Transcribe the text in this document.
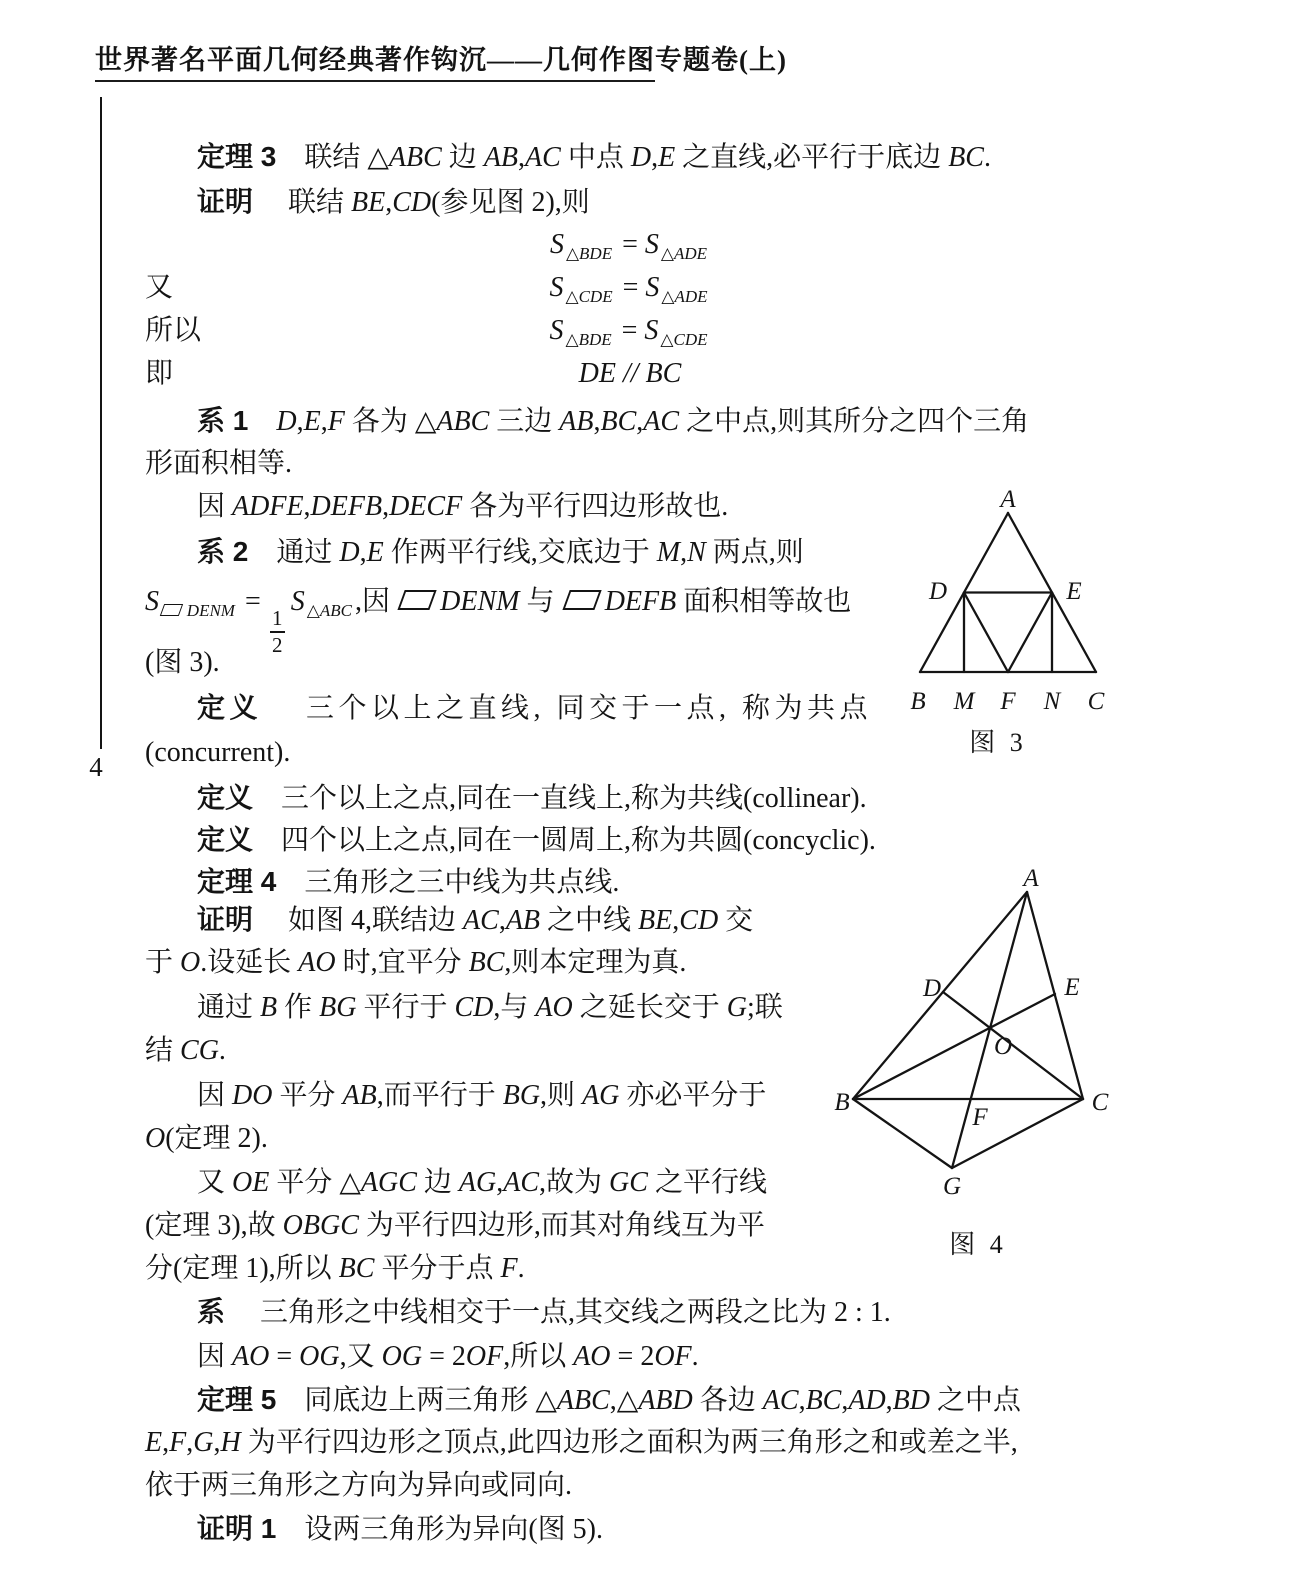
世界著名平面几何经典著作钩沉——几何作图专题卷(上)
4
定理 3　联结 △ABC 边 AB,AC 中点 D,E 之直线,必平行于底边 BC.
证明　 联结 BE,CD(参见图 2),则
S $_{\triangle BDE}$ = S $_{\triangle ADE}$
又	S $_{\triangle CDE}$ = S $_{\triangle ADE}$
所以	S $_{\triangle BDE}$ = S $_{\triangle CDE}$
即	DE // BC
系 1　 D,E,F 各为 △ABC 三边 AB,BC,AC 之中点,则其所分之四个三角
形面积相等.
因 ADFE,DEFB,DECF 各为平行四边形故也.
系 2　通过 D,E 作两平行线,交底边于 M,N 两点,则
S $_{DENM}$ =
$\frac{1}{2}$
S $_{\triangle ABC}$ ,因 DENM 与 DEFB 面积相等故也
(图 3).
定义　 三个以上之直线, 同交于一点, 称为共点
(concurrent).
定义　三个以上之点,同在一直线上,称为共线(collinear).
定义　四个以上之点,同在一圆周上,称为共圆(concyclic).
定理 4　三角形之三中线为共点线.
证明　 如图 4,联结边 AC,AB 之中线 BE,CD 交
于 O.设延长 AO 时,宜平分 BC,则本定理为真.
通过 B 作 BG 平行于 CD,与 AO 之延长交于 G;联
结 CG.
因 DO 平分 AB,而平行于 BG,则 AG 亦必平分于
O(定理 2).
又 OE 平分 △AGC 边 AG,AC,故为 GC 之平行线
(定理 3),故 OBGC 为平行四边形,而其对角线互为平
分(定理 1),所以 BC 平分于点 F.
系　 三角形之中线相交于一点,其交线之两段之比为 2 : 1.
因 AO = OG,又 OG = 2OF,所以 AO = 2OF.
定理 5　同底边上两三角形 △ABC,△ABD 各边 AC,BC,AD,BD 之中点
E,F,G,H 为平行四边形之顶点,此四边形之面积为两三角形之和或差之半,
依于两三角形之方向为异向或同向.
证明 1　设两三角形为异向(图 5).
A
D	E
B M F N C
图 3
A
D	E
O
B	C
F
G
图 4
